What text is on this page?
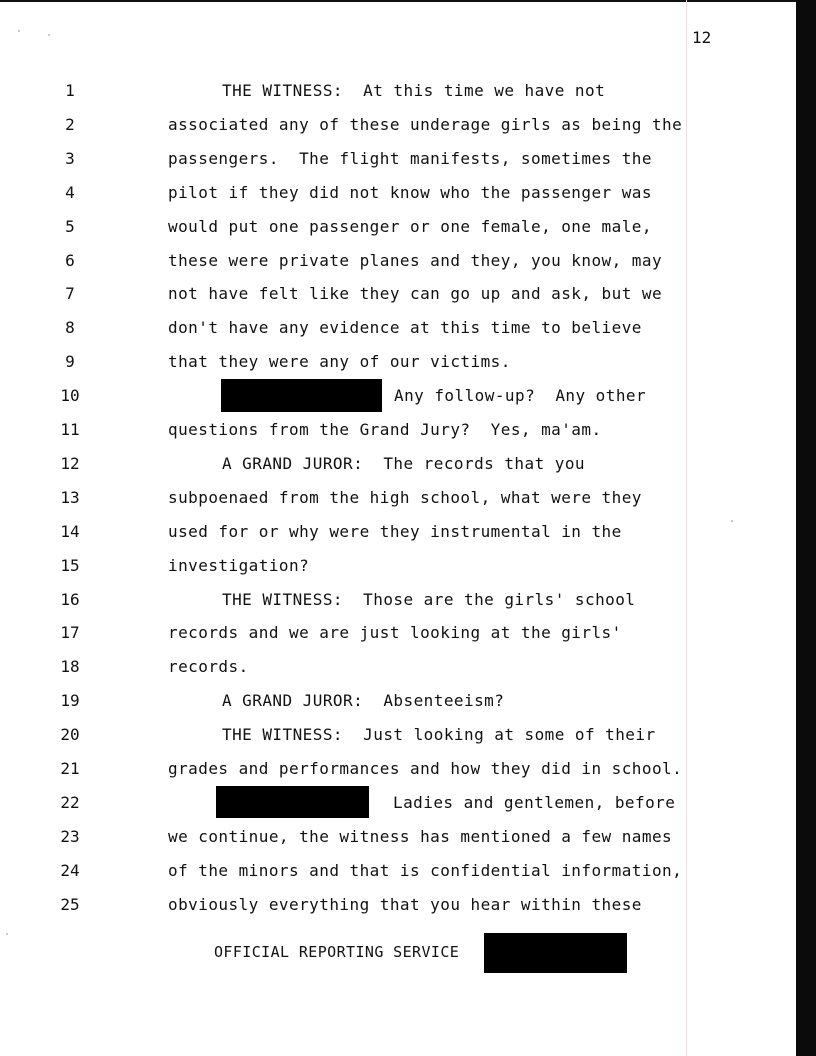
12
1	THE WITNESS:  At this time we have not
2	associated any of these underage girls as being the
3	passengers.  The flight manifests, sometimes the
4	pilot if they did not know who the passenger was
5	would put one passenger or one female, one male,
6	these were private planes and they, you know, may
7	not have felt like they can go up and ask, but we
8	don't have any evidence at this time to believe
9	that they were any of our victims.
10	Any follow-up?  Any other
11	questions from the Grand Jury?  Yes, ma'am.
12	A GRAND JUROR:  The records that you
13	subpoenaed from the high school, what were they
14	used for or why were they instrumental in the
15	investigation?
16	THE WITNESS:  Those are the girls' school
17	records and we are just looking at the girls'
18	records.
19	A GRAND JUROR:  Absenteeism?
20	THE WITNESS:  Just looking at some of their
21	grades and performances and how they did in school.
22	Ladies and gentlemen, before
23	we continue, the witness has mentioned a few names
24	of the minors and that is confidential information,
25	obviously everything that you hear within these
OFFICIAL REPORTING SERVICE
